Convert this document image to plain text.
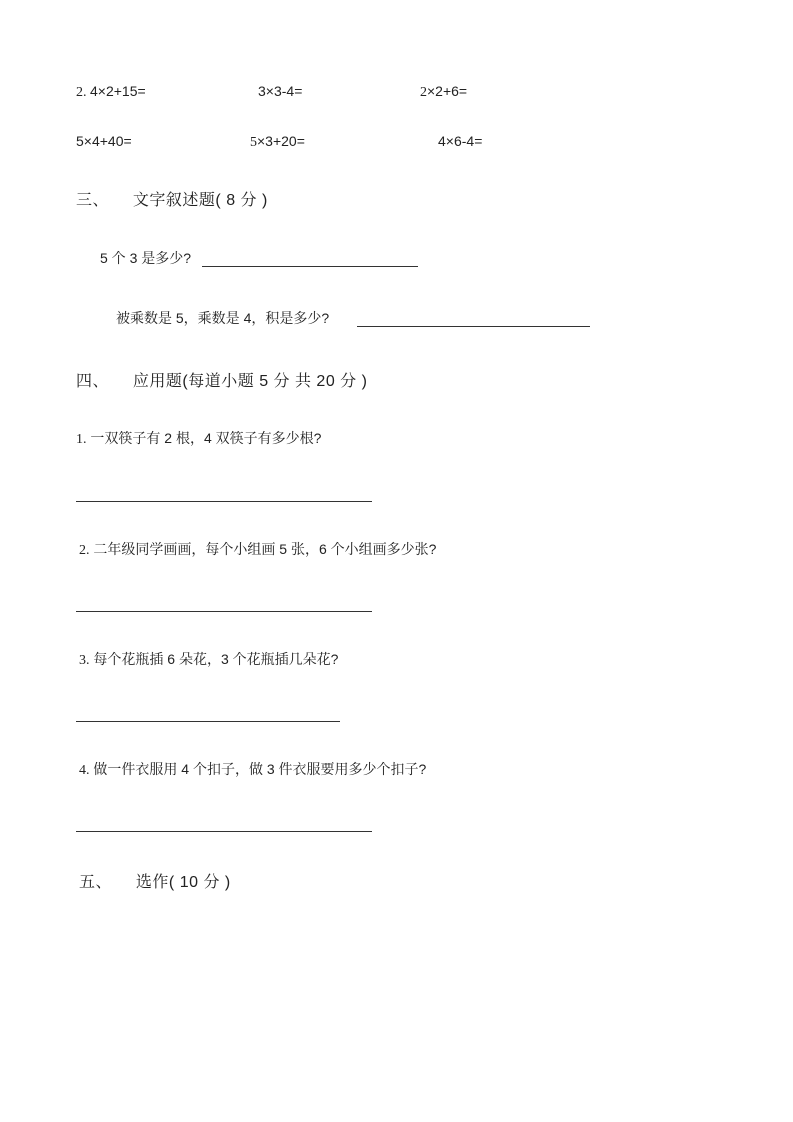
2. 4×2+15=	3×3-4=	2×2+6=
5×4+40=	5×3+20=	4×6-4=
三、 文字叙述题( 8 分 )
5 个 3 是多少?
被乘数是 5，乘数是 4，积是多少?
四、 应用题(每道小题 5 分 共 20 分 )
1. 一双筷子有 2 根，4 双筷子有多少根?
2. 二年级同学画画，每个小组画 5 张，6 个小组画多少张?
3. 每个花瓶插 6 朵花，3 个花瓶插几朵花?
4. 做一件衣服用 4 个扣子，做 3 件衣服要用多少个扣子?
五、 选作( 10 分 )
